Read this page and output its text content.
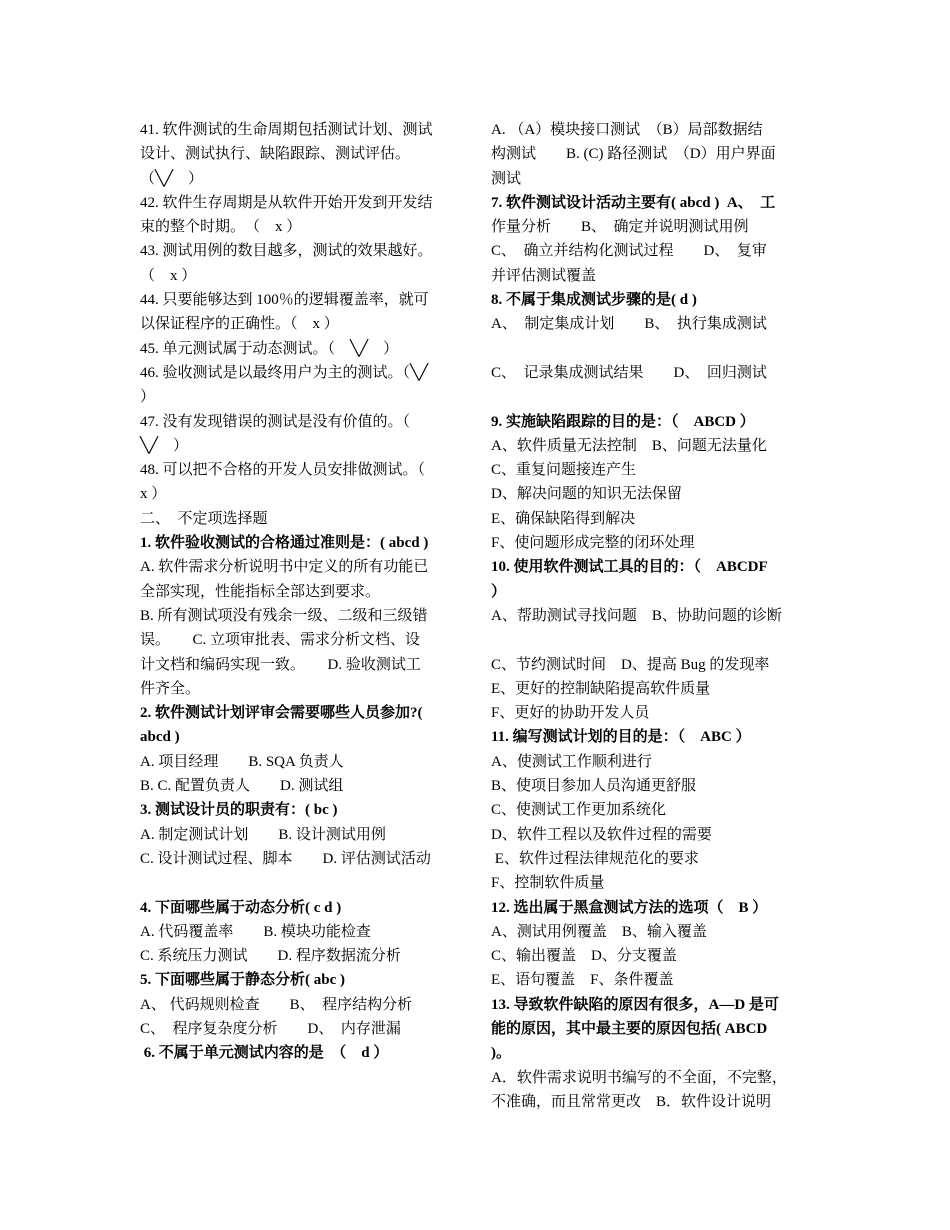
41. 软件测试的生命周期包括测试计划、测试
设计、测试执行、缺陷跟踪、测试评估。
（╲╱　）
42. 软件生存周期是从软件开始开发到开发结
束的整个时期。　（　x ）
43. 测试用例的数目越多，测试的效果越好。
（　x ）
44. 只要能够达到 100％的逻辑覆盖率，就可
以保证程序的正确性。（　x ）
45. 单元测试属于动态测试。（　╲╱　）
46. 验收测试是以最终用户为主的测试。（╲╱
）
47. 没有发现错误的测试是没有价值的。（
╲╱　）
48. 可以把不合格的开发人员安排做测试。（
x ）
二、　不定项选择题
1. 软件验收测试的合格通过准则是：( abcd )
A. 软件需求分析说明书中定义的所有功能已
全部实现，性能指标全部达到要求。
B. 所有测试项没有残余一级、二级和三级错
误。　　C. 立项审批表、需求分析文档、设
计文档和编码实现一致。　　D. 验收测试工
件齐全。
2. 软件测试计划评审会需要哪些人员参加?(
abcd )
A. 项目经理　　B. SQA 负责人
B. C. 配置负责人　　D. 测试组
3. 测试设计员的职责有：( bc )
A. 制定测试计划　　B. 设计测试用例
C. 设计测试过程、脚本　　D. 评估测试活动
4. 下面哪些属于动态分析( c d )
A. 代码覆盖率　　B. 模块功能检查
C. 系统压力测试　　D. 程序数据流分析
5. 下面哪些属于静态分析( abc )
A、 代码规则检查　　B、　程序结构分析
C、　程序复杂度分析　　D、　内存泄漏
6. 不属于单元测试内容的是　（　d ）
A. （A）模块接口测试　（B）局部数据结
构测试　　B. (C) 路径测试　（D）用户界面
测试
7. 软件测试设计活动主要有( abcd )  A、　工
作量分析　　B、　确定并说明测试用例
C、　确立并结构化测试过程　　D、　复审
并评估测试覆盖
8. 不属于集成测试步骤的是( d )
A、　制定集成计划　　B、　执行集成测试
C、　记录集成测试结果　　D、　回归测试
9. 实施缺陷跟踪的目的是：（　ABCD ）
A、软件质量无法控制　B、问题无法量化
C、重复问题接连产生
D、解决问题的知识无法保留
E、确保缺陷得到解决
F、使问题形成完整的闭环处理
10. 使用软件测试工具的目的：（　ABCDF
）
A、帮助测试寻找问题　B、协助问题的诊断
C、节约测试时间　D、提高 Bug 的发现率
E、更好的控制缺陷提高软件质量
F、更好的协助开发人员
11. 编写测试计划的目的是：（　ABC ）
A、使测试工作顺利进行
B、使项目参加人员沟通更舒服
C、使测试工作更加系统化
D、软件工程以及软件过程的需要
E、软件过程法律规范化的要求
F、控制软件质量
12. 选出属于黑盒测试方法的选项（　B ）
A、测试用例覆盖　B、输入覆盖
C、输出覆盖　D、分支覆盖
E、语句覆盖　F、条件覆盖
13. 导致软件缺陷的原因有很多，A—D 是可
能的原因，其中最主要的原因包括( ABCD
)。
A．软件需求说明书编写的不全面，不完整，
不准确，而且常常更改　B．软件设计说明
